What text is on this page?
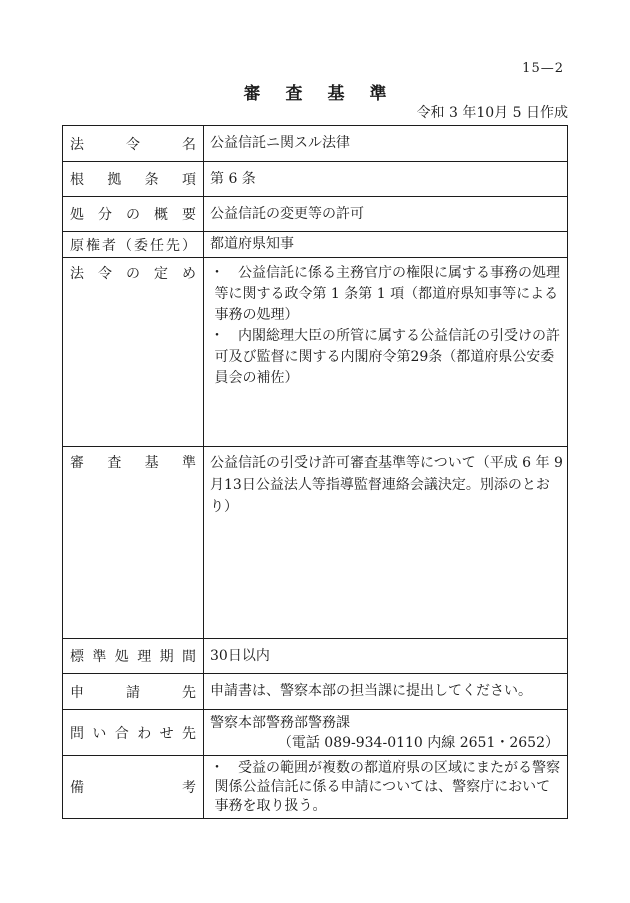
15—2
審査基準
令和 3 年10月 5 日作成
法令名	公益信託ニ関スル法律

根拠条項	第 6 条

処分の概要	公益信託の変更等の許可

原権者（委任先）	都道府県知事

法令の定め	・　公益信託に係る主務官庁の権限に属する事務の処理
等に関する政令第 1 条第 1 項（都道府県知事等による
事務の処理）
・　内閣総理大臣の所管に属する公益信託の引受けの許
可及び監督に関する内閣府令第29条（都道府県公安委
員会の補佐）

審査基準	公益信託の引受け許可審査基準等について（平成 6 年 9
月13日公益法人等指導監督連絡会議決定。別添のとお
り）

標準処理期間	30日以内

申請先	申請書は、警察本部の担当課に提出してください。

問い合わせ先	警察本部警務部警務課
（電話 089-934-0110 内線 2651・2652）

備考	・　受益の範囲が複数の都道府県の区域にまたがる警察
関係公益信託に係る申請については、警察庁において
事務を取り扱う。
